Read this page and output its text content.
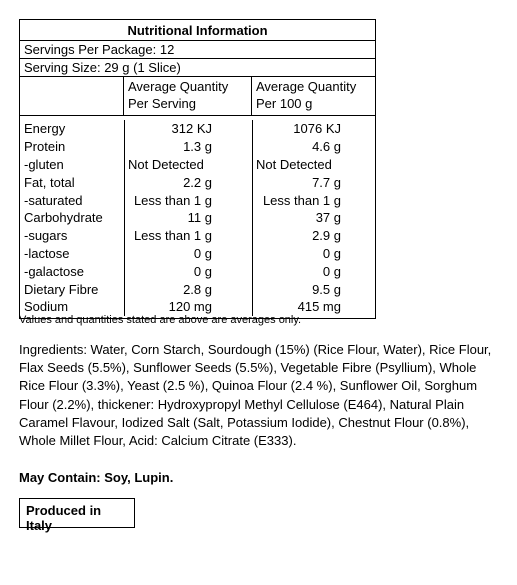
Nutritional Information
Servings Per Package: 12
Serving Size: 29 g (1 Slice)
Average Quantity
Per Serving
Average Quantity
Per 100 g
Energy	312 KJ	1076 KJ
Protein	1.3 g	4.6 g
-gluten	Not Detected	Not Detected
Fat, total	2.2 g	7.7 g
-saturated	Less than 1 g	Less than 1 g
Carbohydrate	11 g	37 g
-sugars	Less than 1 g	2.9 g
-lactose	0 g	0 g
-galactose	0 g	0 g
Dietary Fibre	2.8 g	9.5 g
Sodium	120 mg	415 mg
Values and quantities stated are above are averages only.
Ingredients: Water, Corn Starch, Sourdough (15%) (Rice Flour, Water), Rice Flour, Flax Seeds (5.5%), Sunflower Seeds (5.5%), Vegetable Fibre (Psyllium), Whole Rice Flour (3.3%), Yeast (2.5 %), Quinoa Flour (2.4 %), Sunflower Oil, Sorghum Flour (2.2%), thickener: Hydroxypropyl Methyl Cellulose (E464), Natural Plain Caramel Flavour, Iodized Salt (Salt, Potassium Iodide), Chestnut Flour (0.8%), Whole Millet Flour, Acid: Calcium Citrate (E333).
May Contain: Soy, Lupin.
Produced in Italy
